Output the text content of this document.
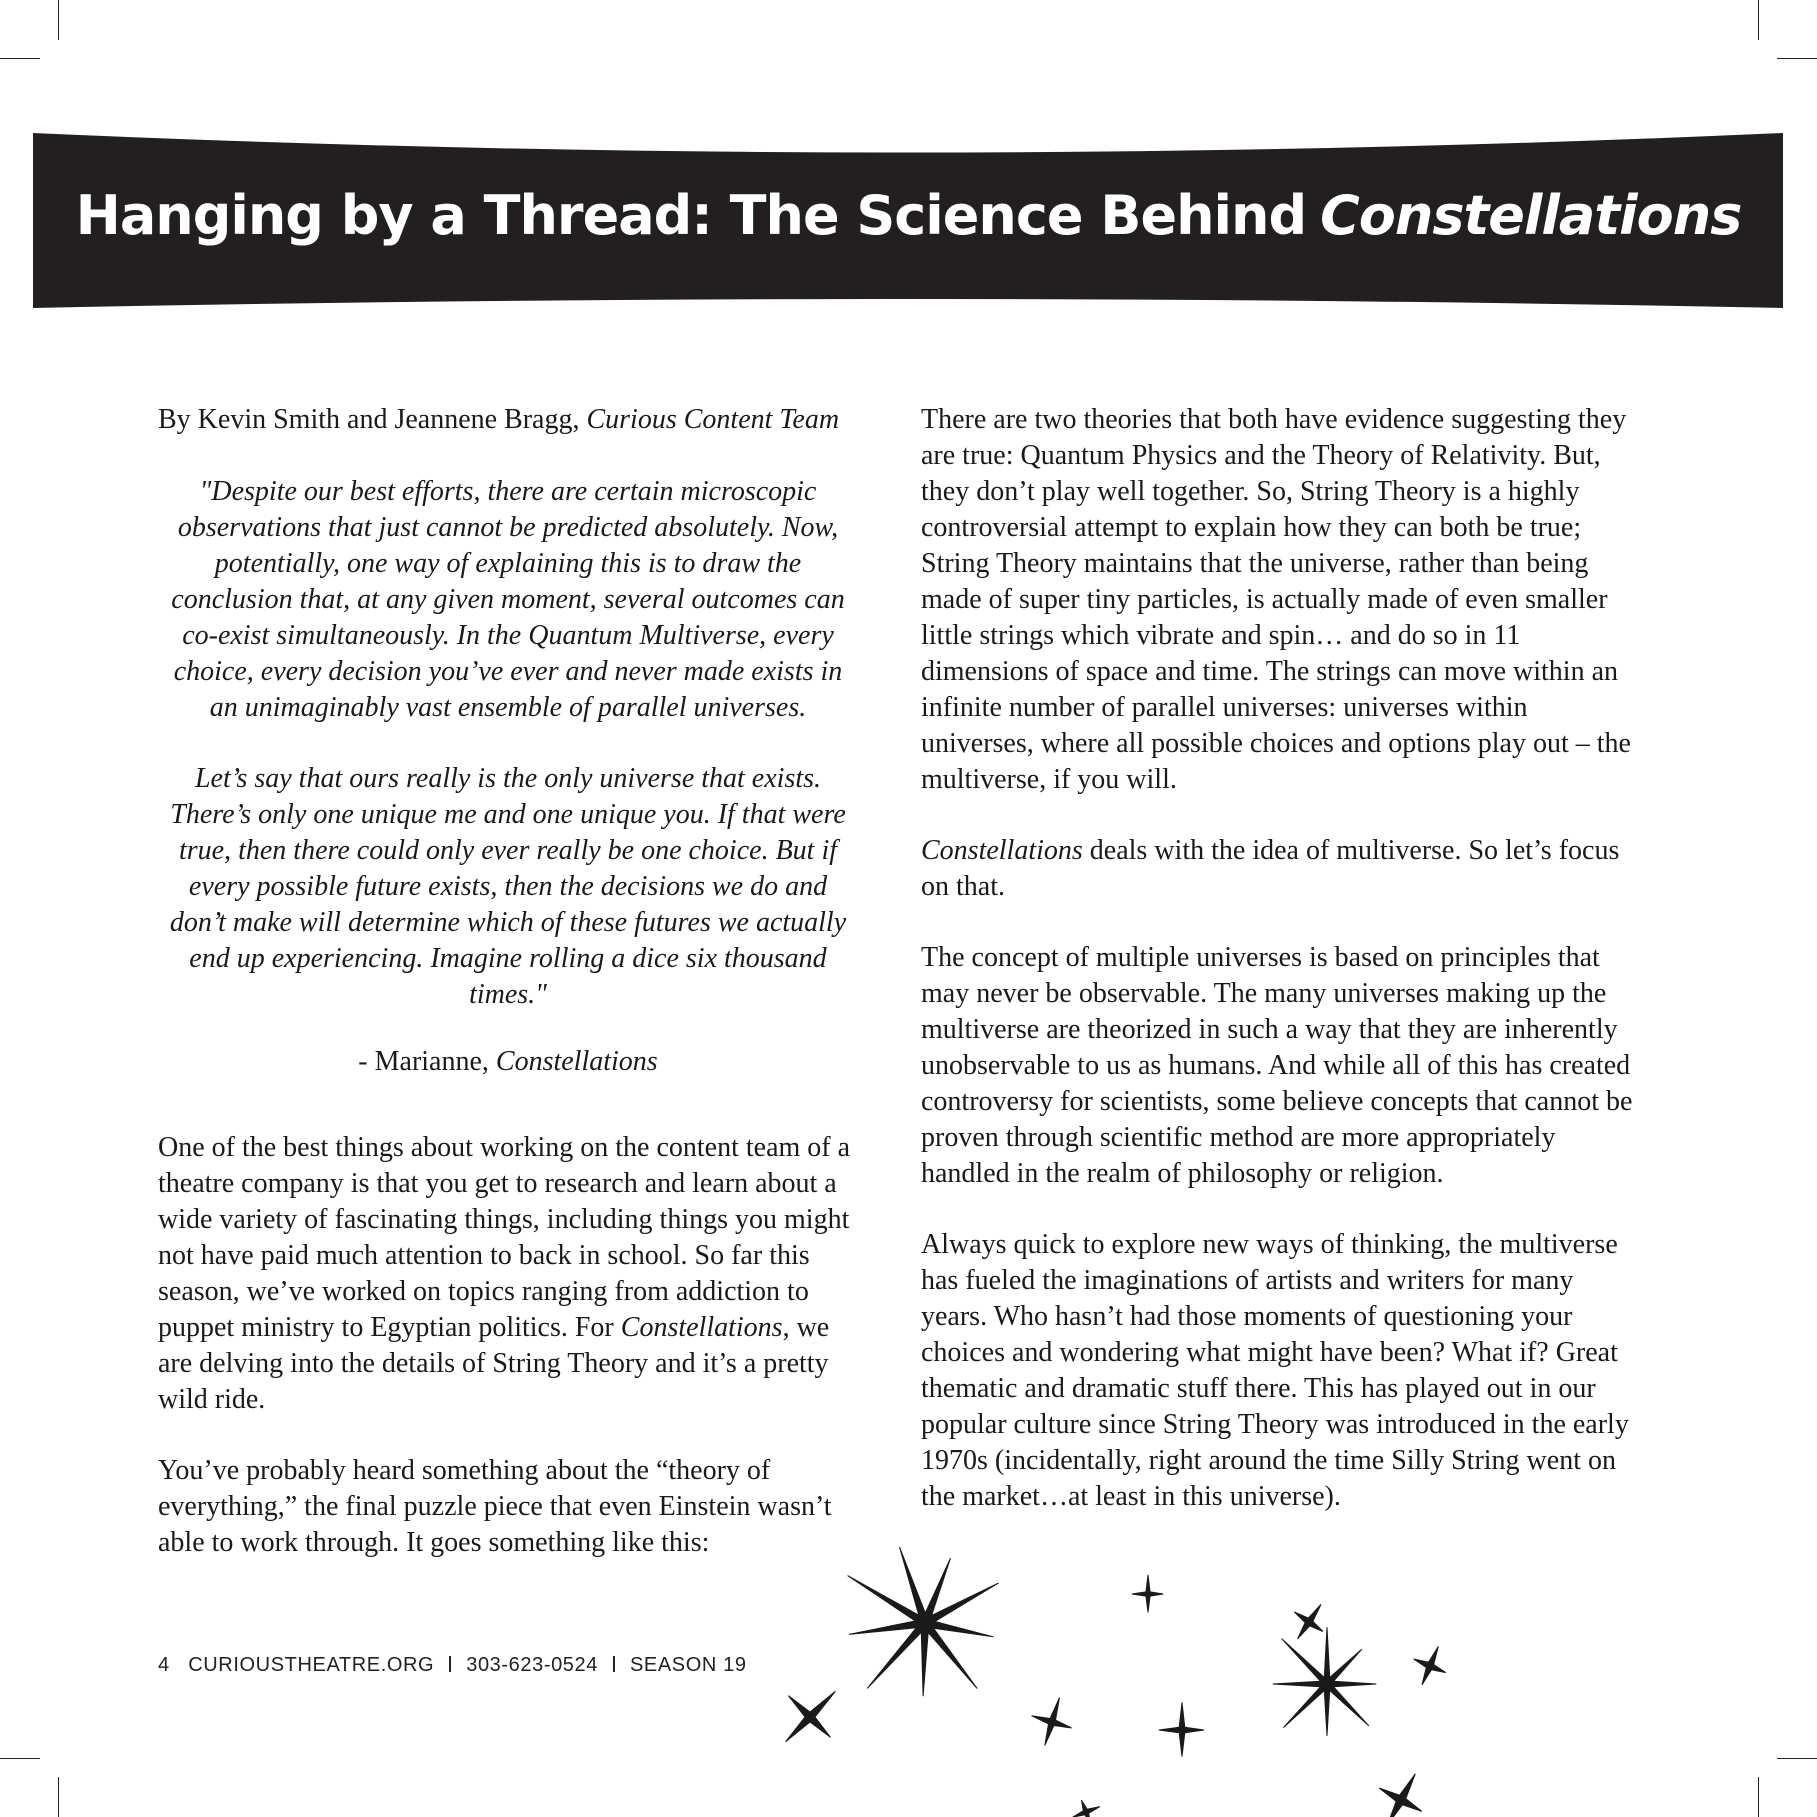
Hanging by a Thread: The Science Behind Constellations

By Kevin Smith and Jeannene Bragg, Curious Content Team

"Despite our best efforts, there are certain microscopic observations that just cannot be predicted absolutely. Now, potentially, one way of explaining this is to draw the conclusion that, at any given moment, several outcomes can co-exist simultaneously. In the Quantum Multiverse, every choice, every decision you’ve ever and never made exists in an unimaginably vast ensemble of parallel universes.

Let’s say that ours really is the only universe that exists. There’s only one unique me and one unique you. If that were true, then there could only ever really be one choice. But if every possible future exists, then the decisions we do and don’t make will determine which of these futures we actually end up experiencing. Imagine rolling a dice six thousand times."

- Marianne, Constellations

One of the best things about working on the content team of a theatre company is that you get to research and learn about a wide variety of fascinating things, including things you might not have paid much attention to back in school. So far this season, we’ve worked on topics ranging from addiction to puppet ministry to Egyptian politics. For Constellations, we are delving into the details of String Theory and it’s a pretty wild ride.

You’ve probably heard something about the “theory of everything,” the final puzzle piece that even Einstein wasn’t able to work through. It goes something like this:

There are two theories that both have evidence suggesting they are true: Quantum Physics and the Theory of Relativity. But, they don’t play well together. So, String Theory is a highly controversial attempt to explain how they can both be true; String Theory maintains that the universe, rather than being made of super tiny particles, is actually made of even smaller little strings which vibrate and spin… and do so in 11 dimensions of space and time. The strings can move within an infinite number of parallel universes: universes within universes, where all possible choices and options play out – the multiverse, if you will.

Constellations deals with the idea of multiverse. So let’s focus on that.

The concept of multiple universes is based on principles that may never be observable. The many universes making up the multiverse are theorized in such a way that they are inherently unobservable to us as humans. And while all of this has created controversy for scientists, some believe concepts that cannot be proven through scientific method are more appropriately handled in the realm of philosophy or religion.

Always quick to explore new ways of thinking, the multiverse has fueled the imaginations of artists and writers for many years. Who hasn’t had those moments of questioning your choices and wondering what might have been? What if? Great thematic and dramatic stuff there. This has played out in our popular culture since String Theory was introduced in the early 1970s (incidentally, right around the time Silly String went on the market…at least in this universe).

4 CURIOUSTHEATRE.ORG 303-623-0524 SEASON 19
